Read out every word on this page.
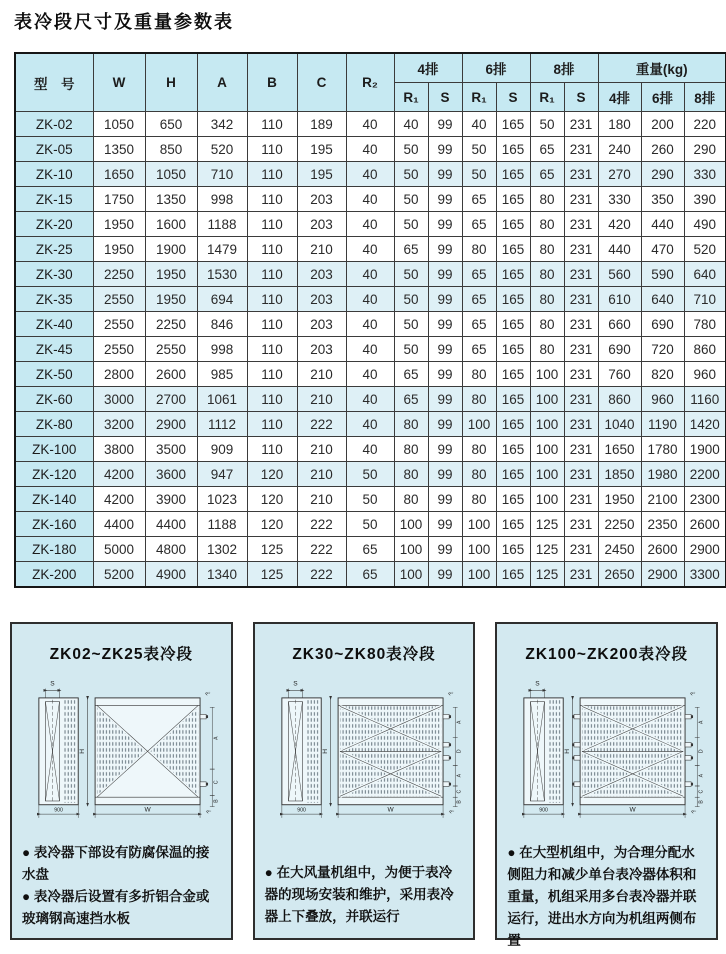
表冷段尺寸及重量参数表
型　号	W	H	A	B	C	R₂	4排		6排		8排		重量(kg)		
							R₁	S	R₁	S	R₁	S	4排	6排	8排
ZK-02	1050	650	342	110	189	40	40	99	40	165	50	231	180	200	220
ZK-05	1350	850	520	110	195	40	50	99	50	165	65	231	240	260	290
ZK-10	1650	1050	710	110	195	40	50	99	50	165	65	231	270	290	330
ZK-15	1750	1350	998	110	203	40	50	99	65	165	80	231	330	350	390
ZK-20	1950	1600	1188	110	203	40	50	99	65	165	80	231	420	440	490
ZK-25	1950	1900	1479	110	210	40	65	99	80	165	80	231	440	470	520
ZK-30	2250	1950	1530	110	203	40	50	99	65	165	80	231	560	590	640
ZK-35	2550	1950	694	110	203	40	50	99	65	165	80	231	610	640	710
ZK-40	2550	2250	846	110	203	40	50	99	65	165	80	231	660	690	780
ZK-45	2550	2550	998	110	203	40	50	99	65	165	80	231	690	720	860
ZK-50	2800	2600	985	110	210	40	65	99	80	165	100	231	760	820	960
ZK-60	3000	2700	1061	110	210	40	65	99	80	165	100	231	860	960	1160
ZK-80	3200	2900	1112	110	222	40	80	99	100	165	100	231	1040	1190	1420
ZK-100	3800	3500	909	110	210	40	80	99	80	165	100	231	1650	1780	1900
ZK-120	4200	3600	947	120	210	50	80	99	80	165	100	231	1850	1980	2200
ZK-140	4200	3900	1023	120	210	50	80	99	80	165	100	231	1950	2100	2300
ZK-160	4400	4400	1188	120	222	50	100	99	100	165	125	231	2250	2350	2600
ZK-180	5000	4800	1302	125	222	65	100	99	100	165	125	231	2450	2600	2900
ZK-200	5200	4900	1340	125	222	65	100	99	100	165	125	231	2650	2900	3300
ZK02~ZK25表冷段
S
900
H
W
A
C
B
R₂
R₁

● 表冷器下部设有防腐保温的接水盘

● 表冷器后设置有多折铝合金或玻璃钢高速挡水板

ZK30~ZK80表冷段
S
900
H
W
A
D
A
C
B
R₂
R₁

● 在大风量机组中，为便于表冷器的现场安装和维护，采用表冷器上下叠放，并联运行

ZK100~ZK200表冷段
S
900
H
W
A
D
A
C
B
R₂
R₁

● 在大型机组中，为合理分配水侧阻力和减少单台表冷器体积和重量，机组采用多台表冷器并联运行，进出水方向为机组两侧布置
